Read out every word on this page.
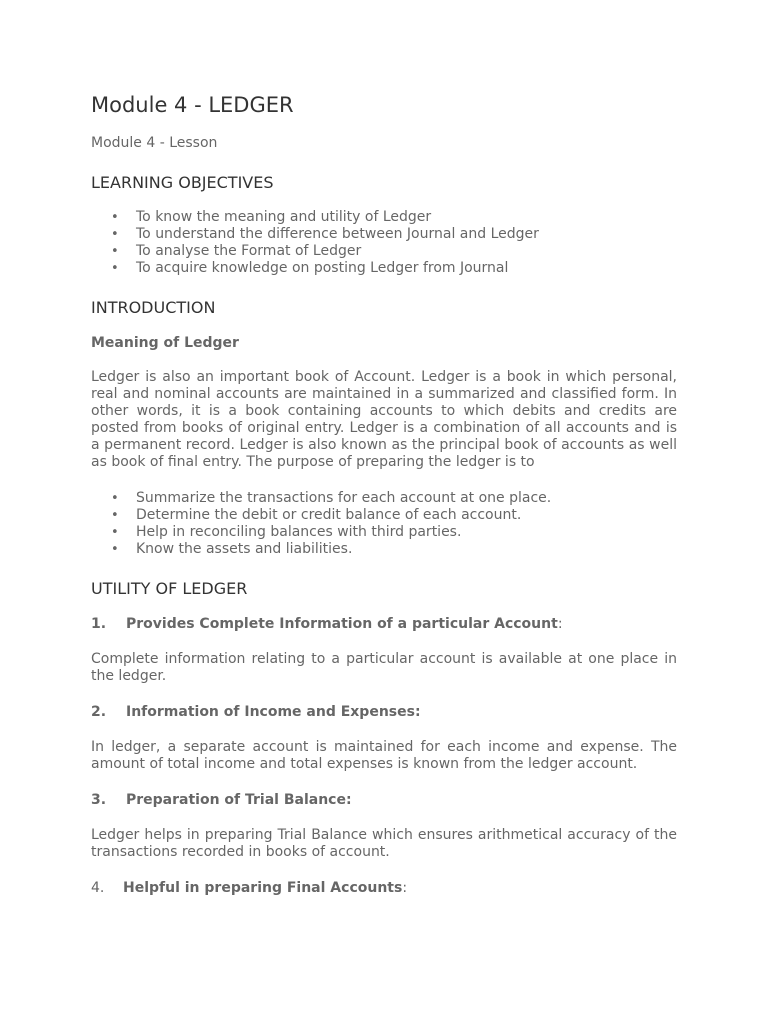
Module 4 - LEDGER
Module 4 - Lesson
LEARNING OBJECTIVES
• To know the meaning and utility of Ledger
• To understand the difference between Journal and Ledger
• To analyse the Format of Ledger
• To acquire knowledge on posting Ledger from Journal
INTRODUCTION
Meaning of Ledger

Ledger is also an important book of Account. Ledger is a book in which personal, real and nominal accounts are maintained in a summarized and classified form. In other words, it is a book containing accounts to which debits and credits are posted from books of original entry. Ledger is a combination of all accounts and is a permanent record. Ledger is also known as the principal book of accounts as well as book of final entry. The purpose of preparing the ledger is to

• Summarize the transactions for each account at one place.
• Determine the debit or credit balance of each account.
• Help in reconciling balances with third parties.
• Know the assets and liabilities.
UTILITY OF LEDGER
1. Provides Complete Information of a particular Account:

Complete information relating to a particular account is available at one place in the ledger.

2. Information of Income and Expenses:

In ledger, a separate account is maintained for each income and expense. The amount of total income and total expenses is known from the ledger account.

3. Preparation of Trial Balance:

Ledger helps in preparing Trial Balance which ensures arithmetical accuracy of the transactions recorded in books of account.

4. Helpful in preparing Final Accounts:
